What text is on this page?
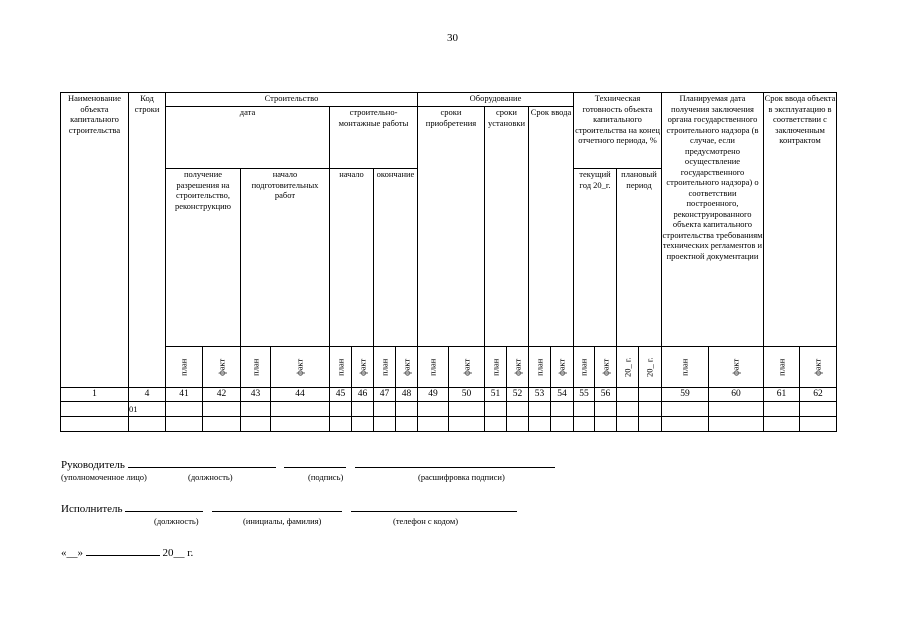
30
Наименование объекта капитального строительства	Код строки	Строительство								Оборудование						Техническая готовность объекта капитального строительства на конец отчетного периода, %				Планируемая дата получения заключения органа государственного строительного надзора (в случае, если предусмотрено осуществление государственного строительного надзора) о соответствии построенного, реконструированного объекта капитального строительства требованиям технических регламентов и проектной документации		Срок ввода объекта в эксплуатацию в соответствии с заключенным контрактом	
		дата				строительно-монтажные работы				сроки приобретения		сроки установки		Срок ввода									
		получение разрешения на строительство, реконструкцию		начало подготовительных работ		начало		окончание								текущий год 20_г.		плановый период					
		план	факт	план	факт	план	факт	план	факт	план	факт	план	факт	план	факт	план	факт	20_ г.	20_ г.	план	факт	план	факт
1	4	41	42	43	44	45	46	47	48	49	50	51	52	53	54	55	56			59	60	61	62
	01																						

Руководитель
(уполномоченное лицо)	(должность)	(подпись)	(расшифровка подписи)
Исполнитель
(должность)	(инициалы, фамилия)	(телефон с кодом)
«__»	20__ г.
